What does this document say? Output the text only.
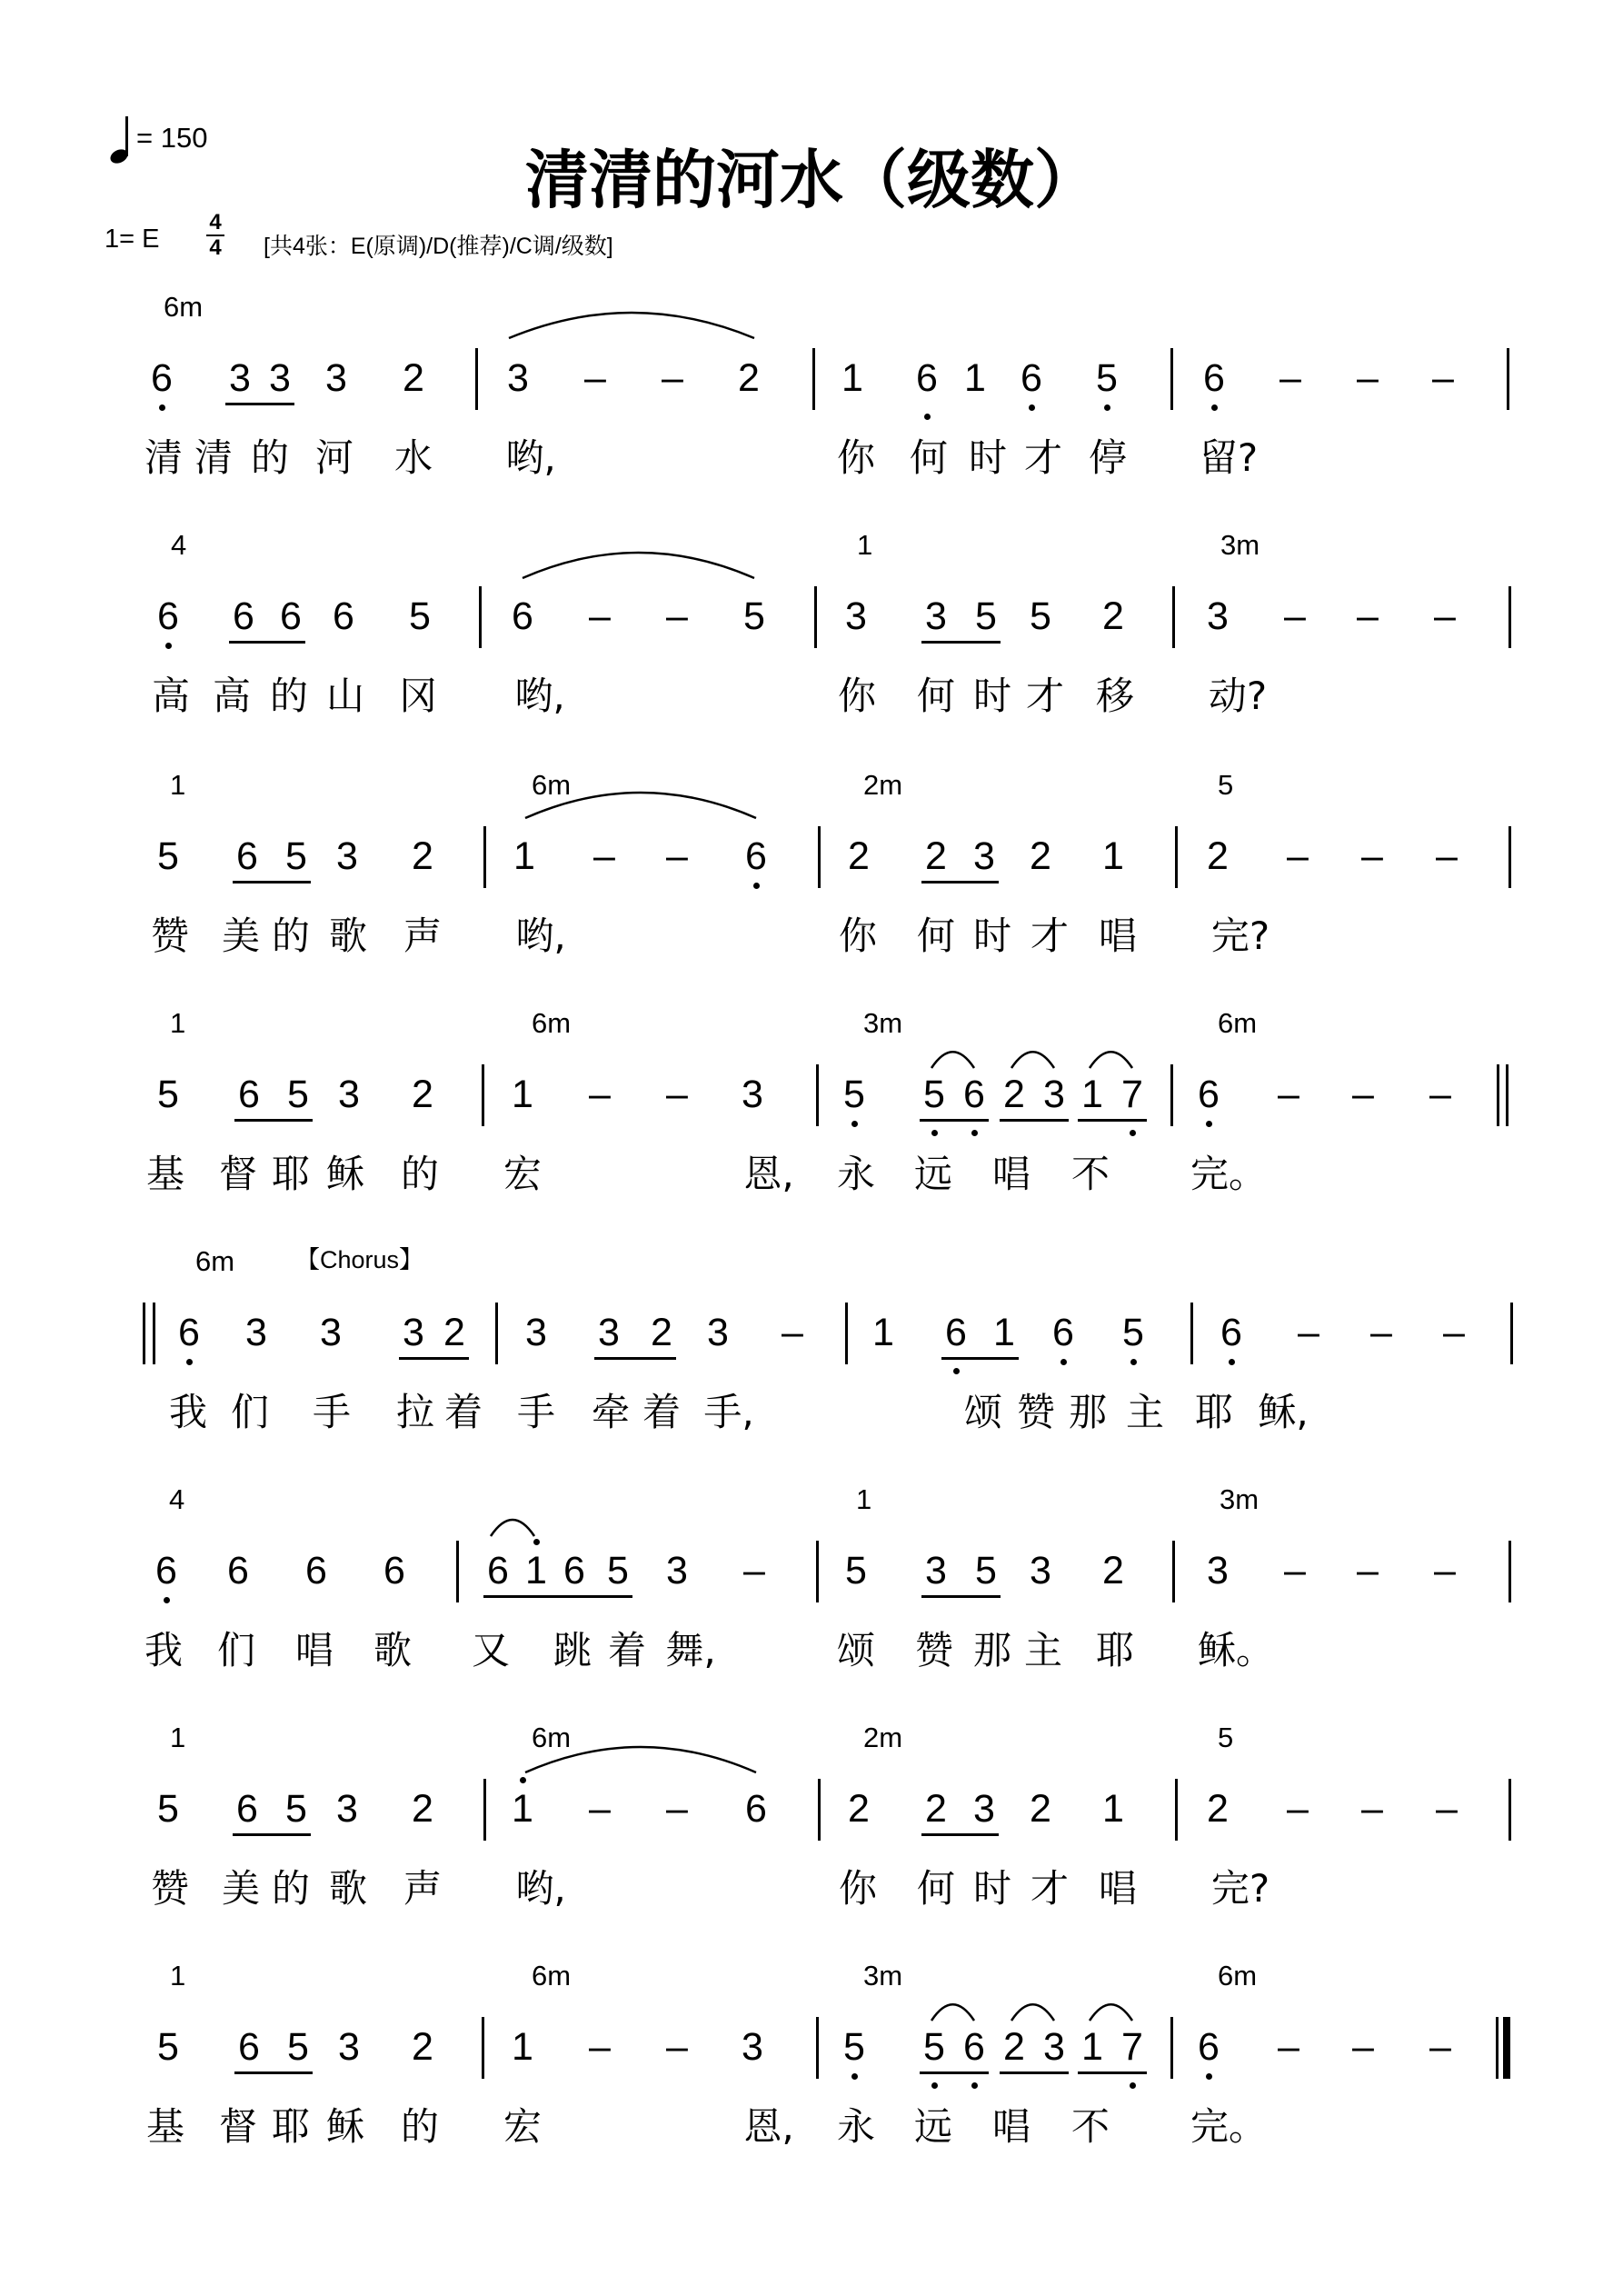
清清的河水（级数）
= 150
1= E
4
4 [共4张：E(原调)/D(推荐)/C调/级数]
【Chorus】
6m
6 3 3 3 2 3 – – 2 1 6 1 6 5 6 – – –
清 清 的 河 水 哟,	你 何 时 才 停 留?
4	1	3m
6 6 6 6 5 6 – – 5 3 3 5 5 2 3 – – –
高 高 的 山 冈 哟,	你 何 时 才 移 动?
1	6m	2m	5
5 6 5 3 2 1 – – 6 2 2 3 2 1 2 – – –
赞 美 的 歌 声 哟,	你 何 时 才 唱 完?
1	6m	3m	6m
5 6 5 3 2 1 – – 3 5 5 6 2 3 1 7 6 – – –
基 督 耶 稣 的 宏	恩, 永 远 唱 不 完。
6m
6 3 3 3 2 3 3 2 3 – 1 6 1 6 5 6 – – –
我 们 手 拉 着 手 牵 着 手,	颂 赞 那 主 耶 稣,
4	1	3m
6 6 6 6 6 1 6 5 3 – 5 3 5 3 2 3 – – –
我 们 唱 歌 又 跳 着 舞,	颂 赞 那 主 耶 稣。
1	6m	2m	5
5 6 5 3 2 1 – – 6 2 2 3 2 1 2 – – –
赞 美 的 歌 声 哟,	你 何 时 才 唱 完?
1	6m	3m	6m
5 6 5 3 2 1 – – 3 5 5 6 2 3 1 7 6 – – –
基 督 耶 稣 的 宏	恩, 永 远 唱 不 完。
